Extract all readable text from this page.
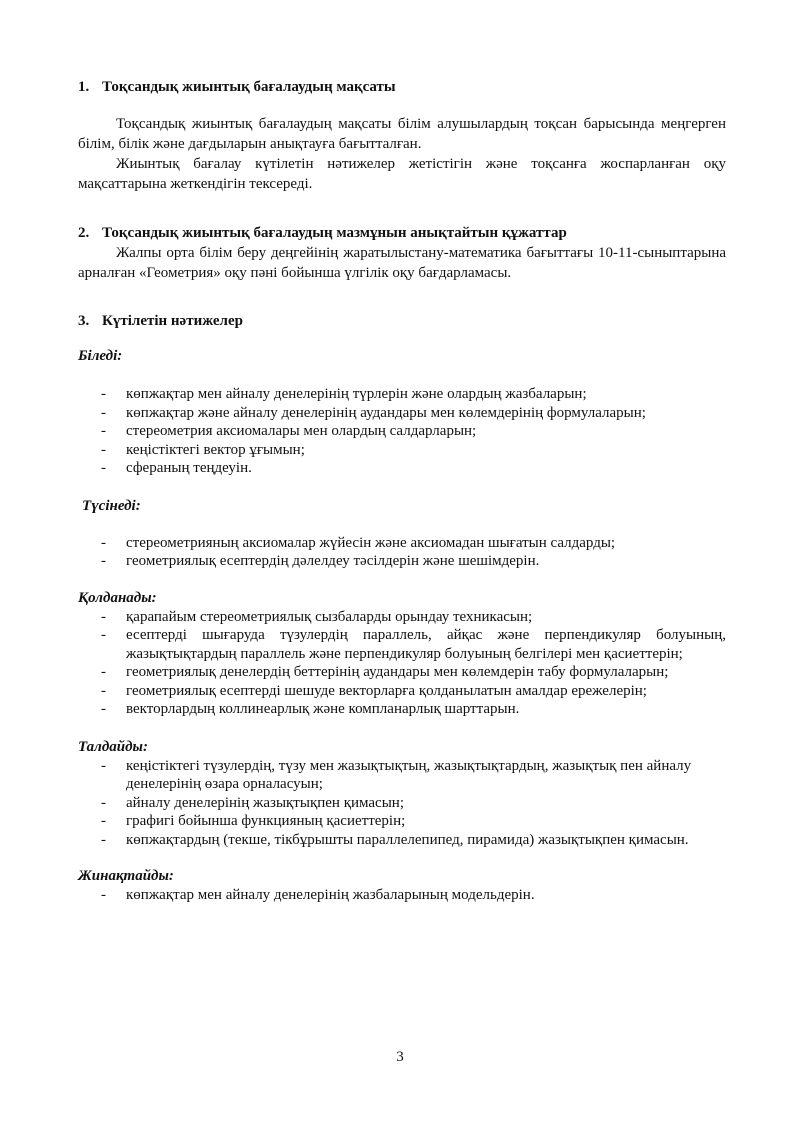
1. Тоқсандық жиынтық бағалаудың мақсаты

Тоқсандық жиынтық бағалаудың мақсаты білім алушылардың тоқсан барысында меңгерген білім, білік және дағдыларын анықтауға бағытталған.

Жиынтық бағалау күтілетін нәтижелер жетістігін және тоқсанға жоспарланған оқу мақсаттарына жеткендігін тексереді.

2. Тоқсандық жиынтық бағалаудың мазмұнын анықтайтын құжаттар

Жалпы орта білім беру деңгейінің жаратылыстану-математика бағыттағы 10-11-сыныптарына арналған «Геометрия» оқу пәні бойынша үлгілік оқу бағдарламасы.

3. Күтілетін нәтижелер
Біледі:
- көпжақтар мен айналу денелерінің түрлерін және олардың жазбаларын;
- көпжақтар және айналу денелерінің аудандары мен көлемдерінің формулаларын;
- стереометрия аксиомалары мен олардың салдарларын;
- кеңістіктегі вектор ұғымын;
- сфераның теңдеуін.
Түсінеді:
- стереометрияның аксиомалар жүйесін және аксиомадан шығатын салдарды;
- геометриялық есептердің дәлелдеу тәсілдерін және шешімдерін.
Қолданады:
- қарапайым стереометриялық сызбаларды орындау техникасын;
- есептерді шығаруда түзулердің параллель, айқас және перпендикуляр болуының, жазықтықтардың параллель және перпендикуляр болуының белгілері мен қасиеттерін;
- геометриялық денелердің беттерінің аудандары мен көлемдерін табу формулаларын;
- геометриялық есептерді шешуде векторларға қолданылатын амалдар ережелерін;
- векторлардың коллинеарлық және компланарлық шарттарын.
Талдайды:
- кеңістіктегі түзулердің, түзу мен жазықтықтың, жазықтықтардың, жазықтық пен айналу денелерінің өзара орналасуын;
- айналу денелерінің жазықтықпен қимасын;
- графигі бойынша функцияның қасиеттерін;
- көпжақтардың (текше, тікбұрышты параллелепипед, пирамида) жазықтықпен қимасын.
Жинақтайды:
- көпжақтар мен айналу денелерінің жазбаларының модельдерін.
3
